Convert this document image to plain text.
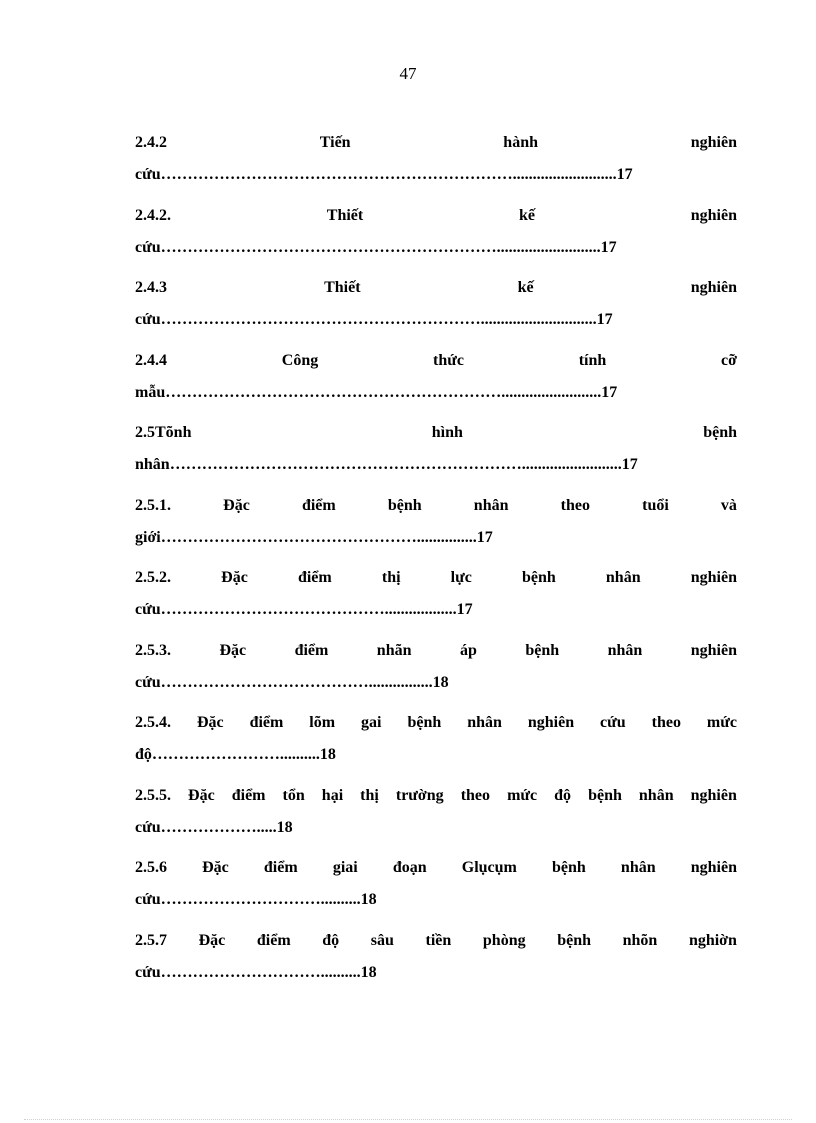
47
2.4.2	Tiến	hành	nghiên
cứu…………………………………………………………..........................17
2.4.2.	Thiết	kế	nghiên
cứu………………………………………………………..........................17
2.4.3	Thiết	kế	nghiên
cứu…………………………………………………….............................17
2.4.4	Công	thức	tính	cỡ
mẫu……………………………………………………….........................17
2.5Tõnh	hình	bệnh
nhân………………………………………………………….........................17
2.5.1.	Đặc	điểm	bệnh	nhân	theo	tuổi	và
giới…………………………………………...............17
2.5.2.	Đặc	điểm	thị	lực	bệnh	nhân	nghiên
cứu……………………………………..................17
2.5.3.	Đặc	điểm	nhãn	áp	bệnh	nhân	nghiên
cứu…………………………………................18
2.5.4. Đặc điểm lõm gai bệnh nhân nghiên cứu theo mức
độ……………………..........18
2.5.5. Đặc điểm tổn hại thị trường theo mức độ bệnh nhân nghiên
cứu……………….....18
2.5.6 Đặc điểm giai đoạn Glụcụm bệnh nhân nghiên
cứu…………………………..........18
2.5.7 Đặc điểm độ sâu tiền phòng bệnh nhõn nghiờn
cứu…………………………..........18
